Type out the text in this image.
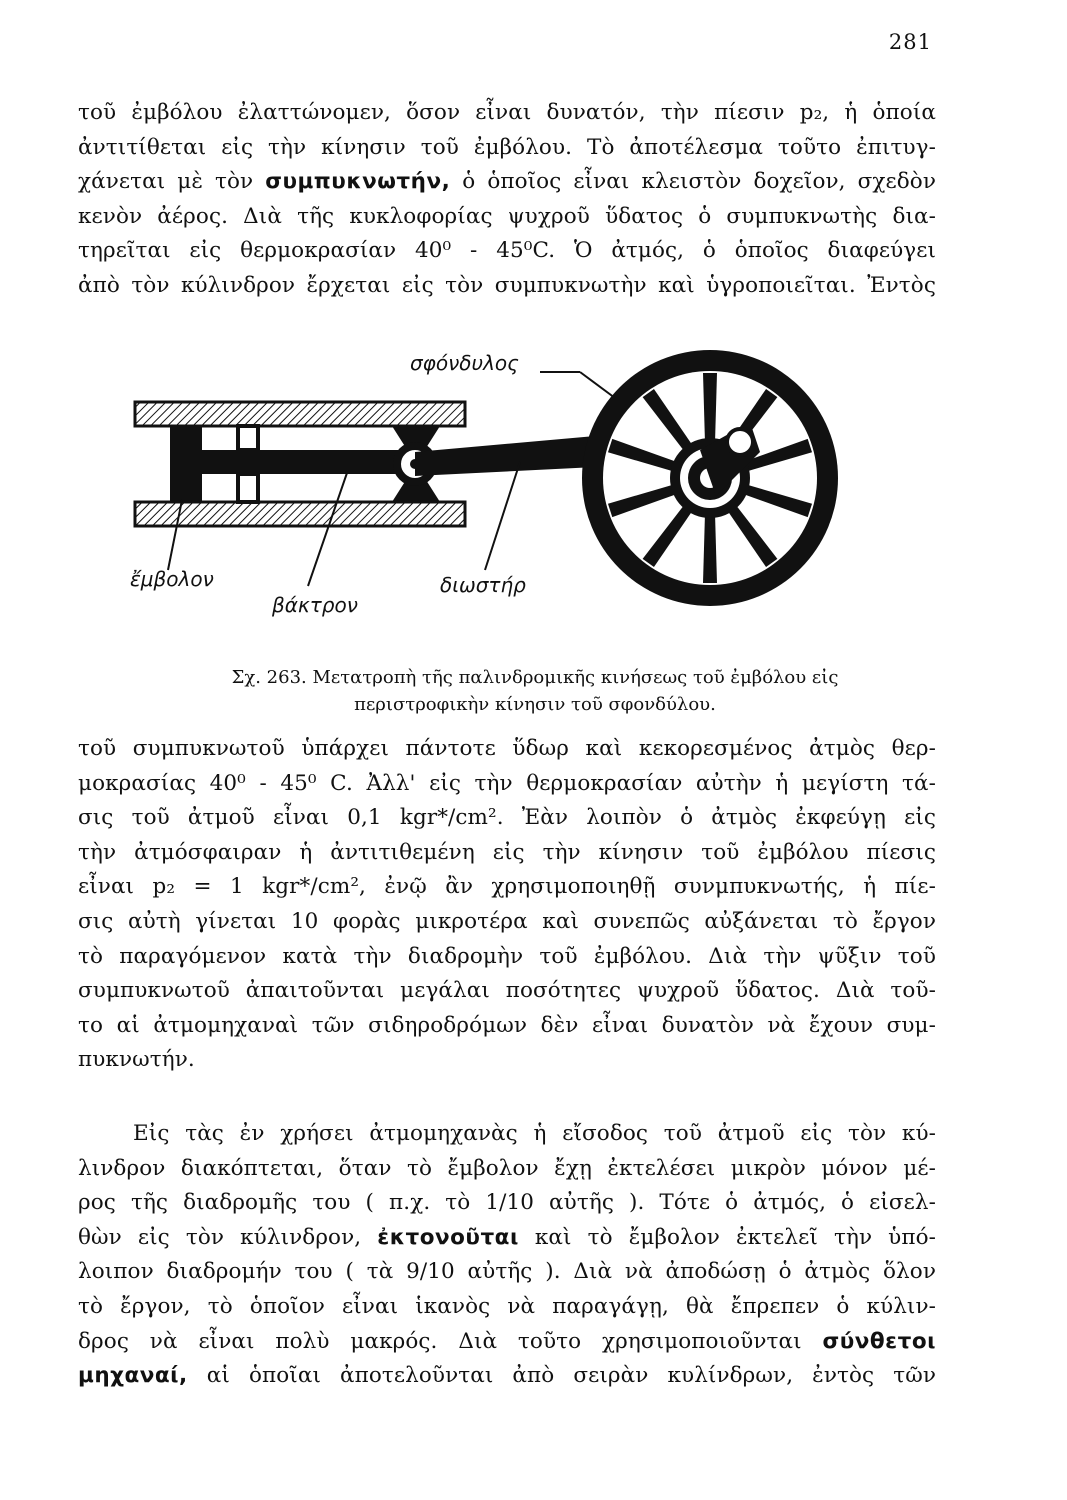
281
τοῦ ἐμβόλου ἐλαττώνομεν, ὅσον εἶναι δυνατόν, τὴν πίεσιν p₂, ἡ ὁποία
ἀντιτίθεται εἰς τὴν κίνησιν τοῦ ἐμβόλου. Τὸ ἀποτέλεσμα τοῦτο ἐπιτυγ-
χάνεται μὲ τὸν συμπυκνωτήν, ὁ ὁποῖος εἶναι κλειστὸν δοχεῖον, σχεδὸν
κενὸν ἀέρος. Διὰ τῆς κυκλοφορίας ψυχροῦ ὕδατος ὁ συμπυκνωτὴς δια-
τηρεῖται εἰς θερμοκρασίαν 40⁰ - 45⁰C. Ὁ ἀτμός, ὁ ὁποῖος διαφεύγει
ἀπὸ τὸν κύλινδρον ἔρχεται εἰς τὸν συμπυκνωτὴν καὶ ὑγροποιεῖται. Ἐντὸς
σφόνδυλος
ἔμβολον
βάκτρον
διωστήρ
Σχ. 263. Μετατροπὴ τῆς παλινδρομικῆς κινήσεως τοῦ ἐμβόλου εἰς
περιστροφικὴν κίνησιν τοῦ σφονδύλου.
τοῦ συμπυκνωτοῦ ὑπάρχει πάντοτε ὕδωρ καὶ κεκορεσμένος ἀτμὸς θερ-
μοκρασίας 40⁰ - 45⁰ C. Ἀλλ' εἰς τὴν θερμοκρασίαν αὐτὴν ἡ μεγίστη τά-
σις τοῦ ἀτμοῦ εἶναι 0,1 kgr*/cm². Ἐὰν λοιπὸν ὁ ἀτμὸς ἐκφεύγῃ εἰς
τὴν ἀτμόσφαιραν ἡ ἀντιτιθεμένη εἰς τὴν κίνησιν τοῦ ἐμβόλου πίεσις
εἶναι p₂ = 1 kgr*/cm², ἐνῷ ἂν χρησιμοποιηθῇ συνμπυκνωτής, ἡ πίε-
σις αὐτὴ γίνεται 10 φορὰς μικροτέρα καὶ συνεπῶς αὐξάνεται τὸ ἔργον
τὸ παραγόμενον κατὰ τὴν διαδρομὴν τοῦ ἐμβόλου. Διὰ τὴν ψῦξιν τοῦ
συμπυκνωτοῦ ἀπαιτοῦνται μεγάλαι ποσότητες ψυχροῦ ὕδατος. Διὰ τοῦ-
το αἱ ἀτμομηχαναὶ τῶν σιδηροδρόμων δὲν εἶναι δυνατὸν νὰ ἔχουν συμ-
πυκνωτήν.
Εἰς τὰς ἐν χρήσει ἀτμομηχανὰς ἡ εἴσοδος τοῦ ἀτμοῦ εἰς τὸν κύ-
λινδρον διακόπτεται, ὅταν τὸ ἔμβολον ἔχῃ ἐκτελέσει μικρὸν μόνον μέ-
ρος τῆς διαδρομῆς του ( π.χ. τὸ 1/10 αὐτῆς ). Τότε ὁ ἀτμός, ὁ εἰσελ-
θὼν εἰς τὸν κύλινδρον, ἐκτονοῦται καὶ τὸ ἔμβολον ἐκτελεῖ τὴν ὑπό-
λοιπον διαδρομήν του ( τὰ 9/10 αὐτῆς ). Διὰ νὰ ἀποδώσῃ ὁ ἀτμὸς ὅλον
τὸ ἔργον, τὸ ὁποῖον εἶναι ἱκανὸς νὰ παραγάγῃ, θὰ ἔπρεπεν ὁ κύλιν-
δρος νὰ εἶναι πολὺ μακρός. Διὰ τοῦτο χρησιμοποιοῦνται σύνθετοι
μηχαναί, αἱ ὁποῖαι ἀποτελοῦνται ἀπὸ σειρὰν κυλίνδρων, ἐντὸς τῶν
